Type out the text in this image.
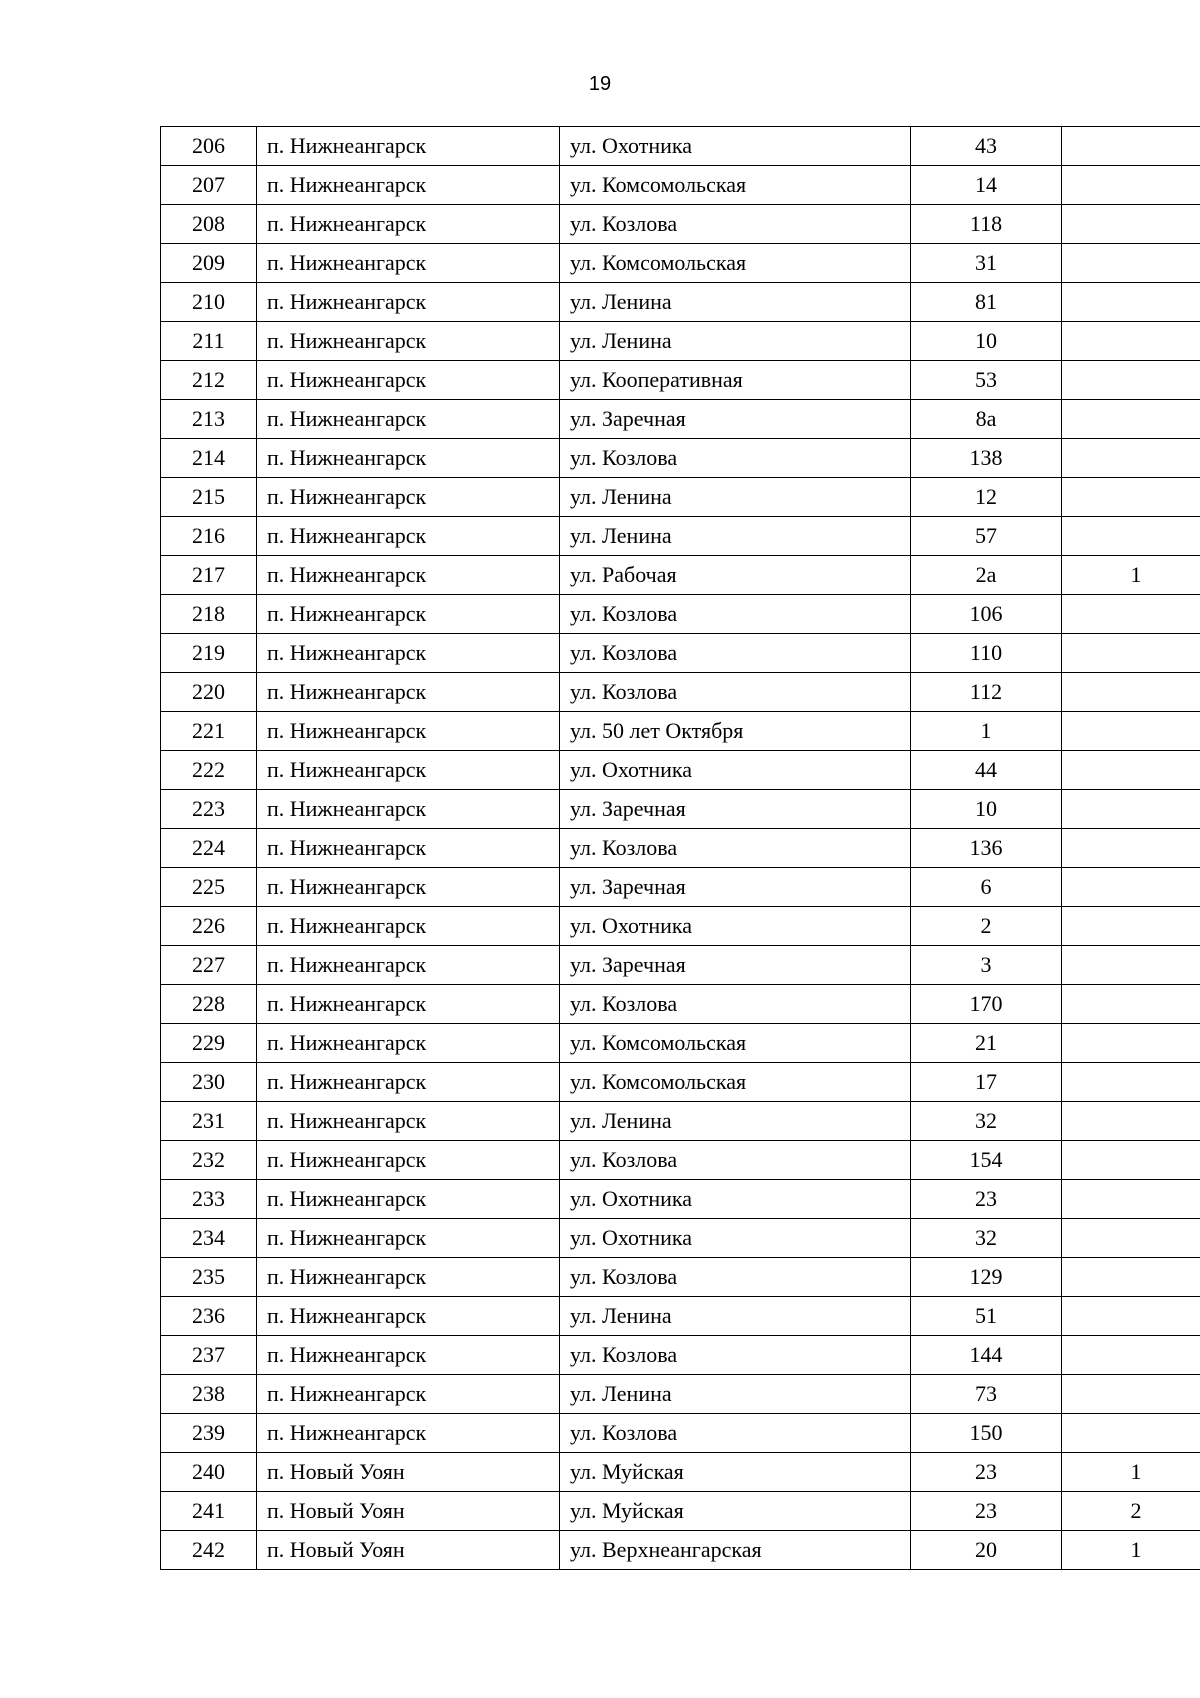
19
206	п. Нижнеангарск	ул. Охотника	43	
207	п. Нижнеангарск	ул. Комсомольская	14	
208	п. Нижнеангарск	ул. Козлова	118	
209	п. Нижнеангарск	ул. Комсомольская	31	
210	п. Нижнеангарск	ул. Ленина	81	
211	п. Нижнеангарск	ул. Ленина	10	
212	п. Нижнеангарск	ул. Кооперативная	53	
213	п. Нижнеангарск	ул. Заречная	8а	
214	п. Нижнеангарск	ул. Козлова	138	
215	п. Нижнеангарск	ул. Ленина	12	
216	п. Нижнеангарск	ул. Ленина	57	
217	п. Нижнеангарск	ул. Рабочая	2а	1
218	п. Нижнеангарск	ул. Козлова	106	
219	п. Нижнеангарск	ул. Козлова	110	
220	п. Нижнеангарск	ул. Козлова	112	
221	п. Нижнеангарск	ул. 50 лет Октября	1	
222	п. Нижнеангарск	ул. Охотника	44	
223	п. Нижнеангарск	ул. Заречная	10	
224	п. Нижнеангарск	ул. Козлова	136	
225	п. Нижнеангарск	ул. Заречная	6	
226	п. Нижнеангарск	ул. Охотника	2	
227	п. Нижнеангарск	ул. Заречная	3	
228	п. Нижнеангарск	ул. Козлова	170	
229	п. Нижнеангарск	ул. Комсомольская	21	
230	п. Нижнеангарск	ул. Комсомольская	17	
231	п. Нижнеангарск	ул. Ленина	32	
232	п. Нижнеангарск	ул. Козлова	154	
233	п. Нижнеангарск	ул. Охотника	23	
234	п. Нижнеангарск	ул. Охотника	32	
235	п. Нижнеангарск	ул. Козлова	129	
236	п. Нижнеангарск	ул. Ленина	51	
237	п. Нижнеангарск	ул. Козлова	144	
238	п. Нижнеангарск	ул. Ленина	73	
239	п. Нижнеангарск	ул. Козлова	150	
240	п. Новый Уоян	ул. Муйская	23	1
241	п. Новый Уоян	ул. Муйская	23	2
242	п. Новый Уоян	ул. Верхнеангарская	20	1
